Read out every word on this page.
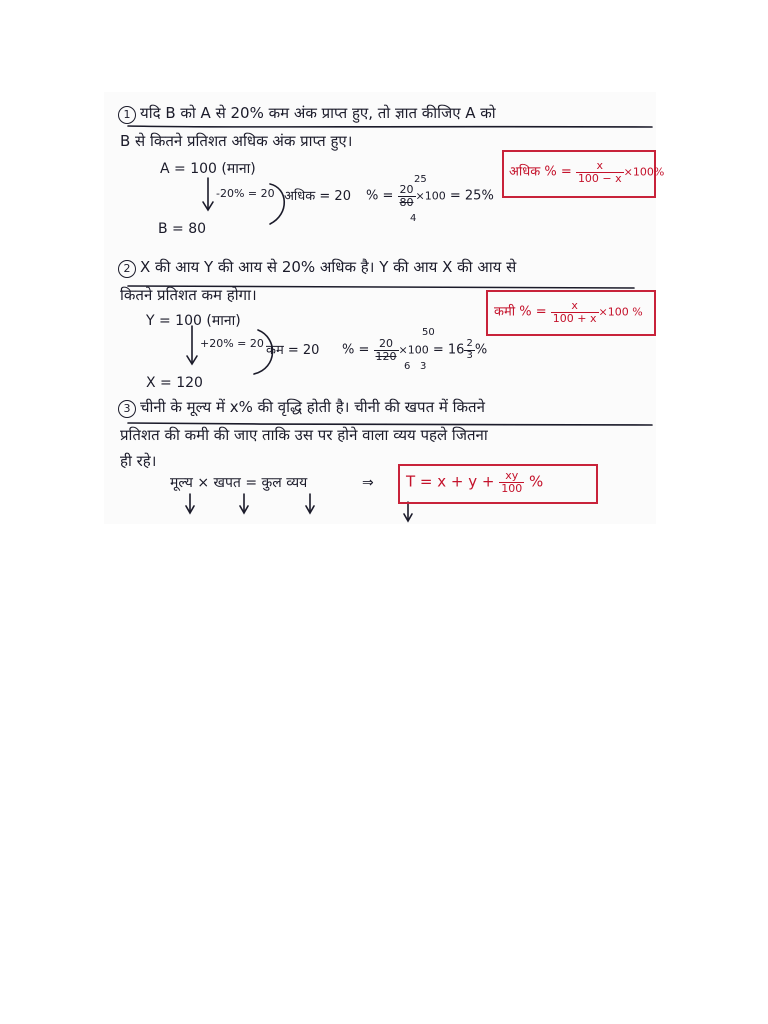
1 यदि B को A से 20% कम अंक प्राप्त हुए, तो ज्ञात कीजिए A को
B से कितने प्रतिशत अधिक अंक प्राप्त हुए।
A = 100 (माना)
-20% = 20 अधिक = 20 % = $\frac{20}{80} \times 100 = 25\%$
25
4
B = 80
अधिक % = $\frac{x}{100 - x} \times 100\%$
2 X की आय Y की आय से 20% अधिक है। Y की आय X की आय से
कितने प्रतिशत कम होगा।
Y = 100 (माना)
+20% = 20 कम = 20 % = $\frac{20}{120} \times 100 = 16 \frac{2}{3}$ %
50
6 3
X = 120
कमी % = $\frac{x}{100 + x} \times 100$ %
3 चीनी के मूल्य में x% की वृद्धि होती है। चीनी की खपत में कितने
प्रतिशत की कमी की जाए ताकि उस पर होने वाला व्यय पहले जितना
ही रहे।
मूल्य × खपत = कुल व्यय	⇒ $T = x + y + \frac{xy}{100}$ %
